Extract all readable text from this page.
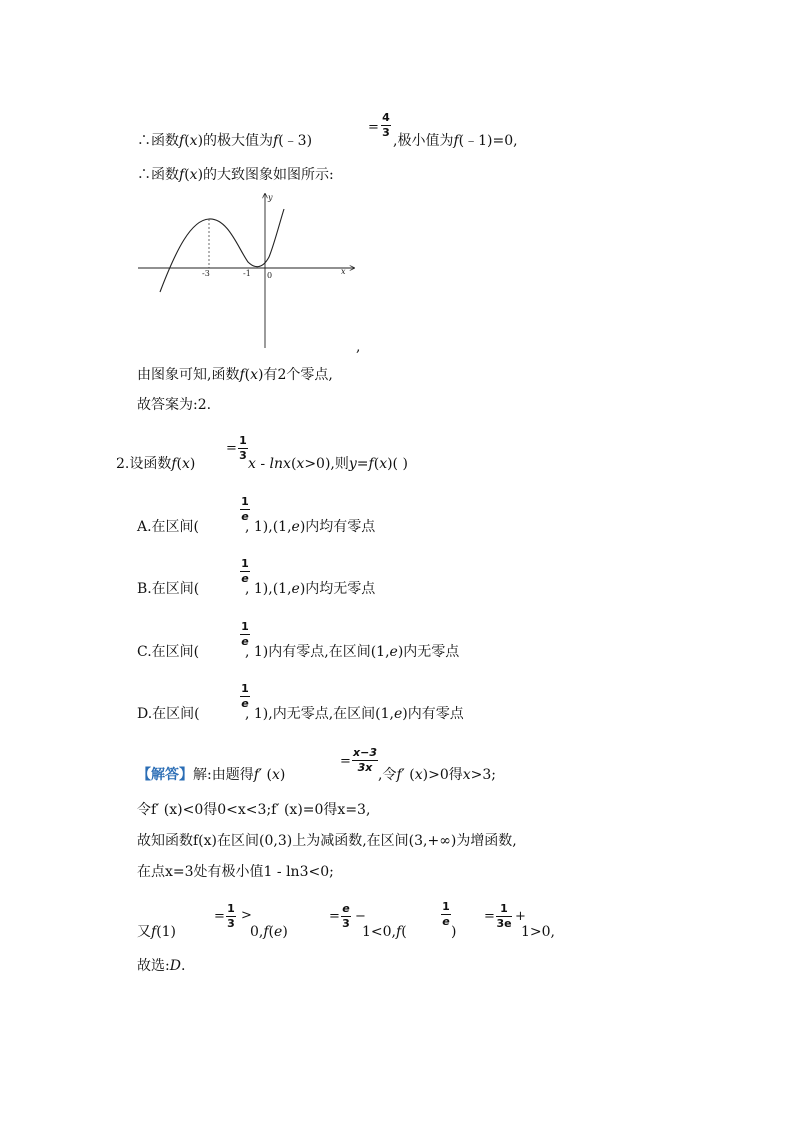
∴函数f(x)的极大值为f(﹣3)
=
4
3
,极小值为f(﹣1)=0,
∴函数f(x)的大致图象如图所示:
y
x
-3	-1 0
,
由图象可知,函数f(x)有2个零点,
故答案为:2.
2.设函数f(x)
=
1
3
x - lnx(x>0),则y=f(x)( )
A.在区间(
1
e
, 1),(1,e)内均有零点
B.在区间(
1
e
, 1),(1,e)内均无零点
C.在区间(
1
e
, 1)内有零点,在区间(1,e)内无零点
D.在区间(
1
e
, 1),内无零点,在区间(1,e)内有零点
【解答】解:由题得f′ (x)
=
x−3
3x ,令f′ (x)>0得x>3;
令f′ (x)<0得0<x<3;f′ (x)=0得x=3,
故知函数f(x)在区间(0,3)上为减函数,在区间(3,+∞)为增函数,
在点x=3处有极小值1 - ln3<0;
又f(1)
=
1
3
>
0,f(e)
=
e
3 −
1<0,f(
1
e
)
=
1
3e +
1>0,
故选:D.
